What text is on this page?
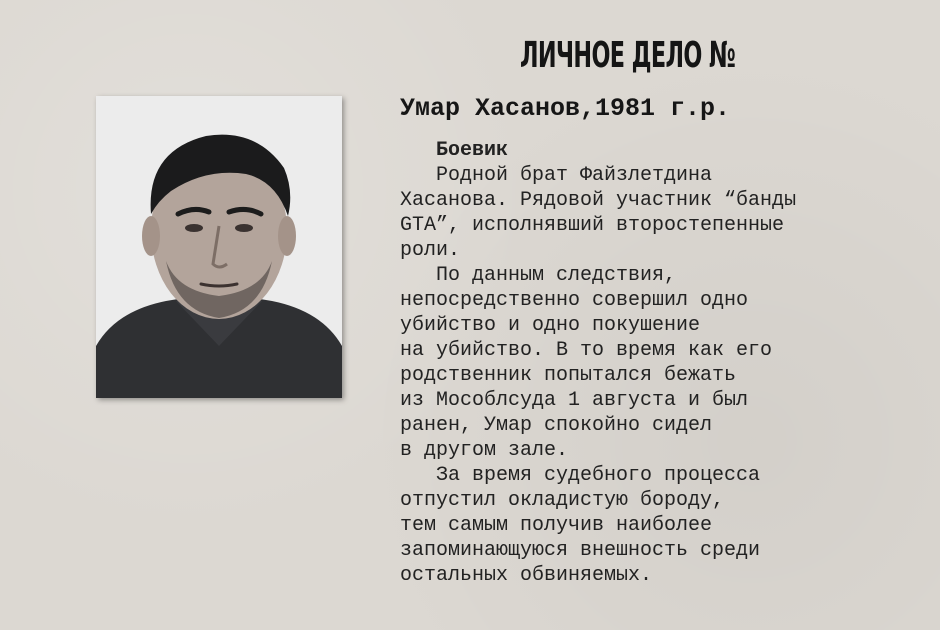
ЛИЧНОЕ ДЕЛО №
Умар Хасанов,1981 г.р.
Боевик
Родной брат Файзлетдина
Хасанова. Рядовой участник “банды
GTA”, исполнявший второстепенные
роли.
По данным следствия,
непосредственно совершил одно
убийство и одно покушение
на убийство. В то время как его
родственник попытался бежать
из Мособлсуда 1 августа и был
ранен, Умар спокойно сидел
в другом зале.
За время судебного процесса
отпустил окладистую бороду,
тем самым получив наиболее
запоминающуюся внешность среди
остальных обвиняемых.
